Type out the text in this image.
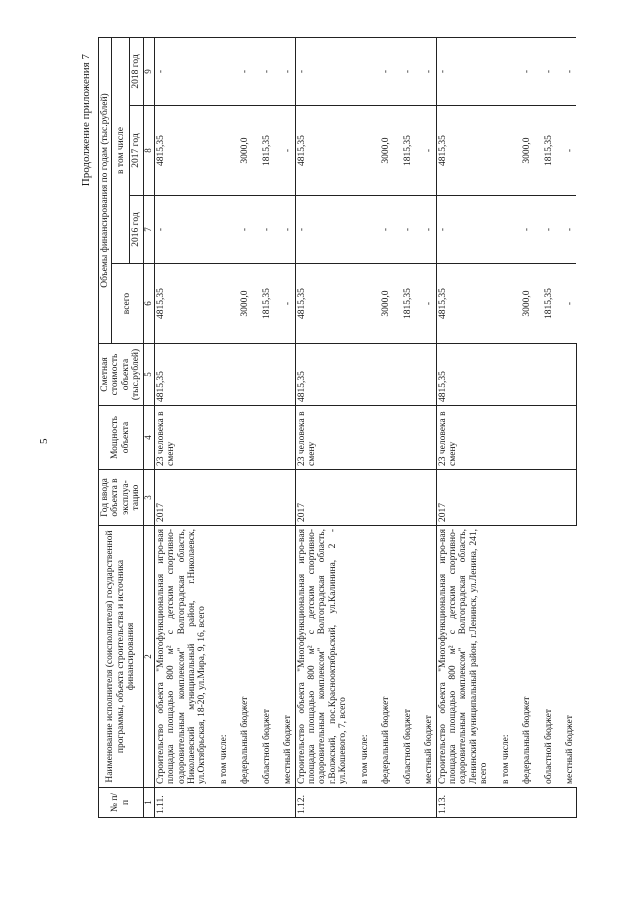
5
Продолжение приложения 7
№ п/п	Наименование исполнителя (соисполнителя) государственной программы, объекта строительства и источника финансирования	Год ввода объекта в эксплуа-тацию	Мощность объекта	Сметная стоимость объекта (тыс.рублей)	Объемы финансирования по годам (тыс.рублей)			
					всего	в том числе		
						2016 год	2017 год	2018 год
1	2	3	4	5	6	7	8	9
1.11.	Строительство объекта "Многофункциональная игро-вая площадка площадью 800 м² с детским спортивно-оздоровительным комплексом" Волгоградская область, Николаевский муниципальный район, г.Николаевск, ул.Октябрьская, 18-20, ул.Мира, 9, 16, всего	2017	23 человека в смену	4815,35	4815,35	-	4815,35	-
	в том числе:							
	федеральный бюджет				3000,0	-	3000,0	-
	областной бюджет				1815,35	-	1815,35	-
	местный бюджет				-	-	-	-
1.12.	Строительство объекта "Многофункциональная игро-вая площадка площадью 800 м² с детским спортивно-оздоровительным комплексом" Волгоградская область, г.Волжский, пос.Краснооктябрьский, ул.Калинина, 2 - ул.Кошевого, 7, всего	2017	23 человека в смену	4815,35	4815,35	-	4815,35	-
	в том числе:							
	федеральный бюджет				3000,0	-	3000,0	-
	областной бюджет				1815,35	-	1815,35	-
	местный бюджет				-	-	-	-
1.13.	Строительство объекта "Многофункциональная игро-вая площадка площадью 800 м² с детским спортивно-оздоровительным комплексом" Волгоградская область, Ленинский муниципальный район, г.Ленинск, ул.Ленина, 241, всего	2017	23 человека в смену	4815,35	4815,35	-	4815,35	-
	в том числе:							
	федеральный бюджет				3000,0	-	3000,0	-
	областной бюджет				1815,35	-	1815,35	-
	местный бюджет				-	-	-	-
